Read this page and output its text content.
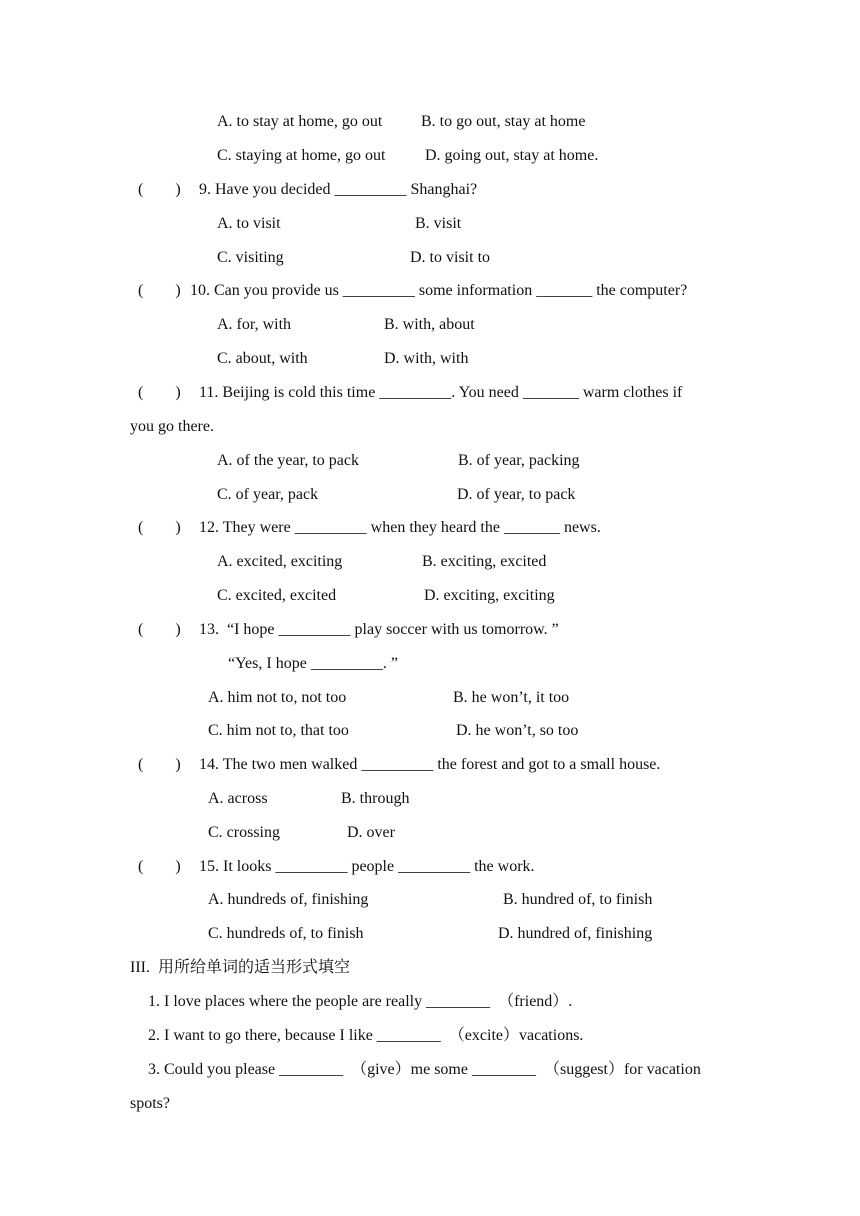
A. to stay at home, go out B. to go out, stay at home
C. staying at home, go out D. going out, stay at home.
(        ) 9. Have you decided _________ Shanghai?
A. to visit	B. visit
C. visiting	D. to visit to
(        ) 10. Can you provide us _________ some information _______ the computer?
A. for, with	B. with, about
C. about, with	D. with, with
(        ) 11. Beijing is cold this time _________. You need _______ warm clothes if
you go there.
A. of the year, to pack	B. of year, packing
C. of year, pack	D. of year, to pack
(        ) 12. They were _________ when they heard the _______ news.
A. excited, exciting	B. exciting, excited
C. excited, excited	D. exciting, exciting
(        ) 13.  “I hope _________ play soccer with us tomorrow. ”
“Yes, I hope _________. ”
A. him not to, not too	B. he won’t, it too
C. him not to, that too	D. he won’t, so too
(        ) 14. The two men walked _________ the forest and got to a small house.
A. across	B. through
C. crossing	D. over
(        ) 15. It looks _________ people _________ the work.
A. hundreds of, finishing	B. hundred of, to finish
C. hundreds of, to finish	D. hundred of, finishing
III.  用所给单词的适当形式填空
1. I love places where the people are really ________  （friend）.
2. I want to go there, because I like ________  （excite）vacations.
3. Could you please ________  （give）me some ________  （suggest）for vacation
spots?
